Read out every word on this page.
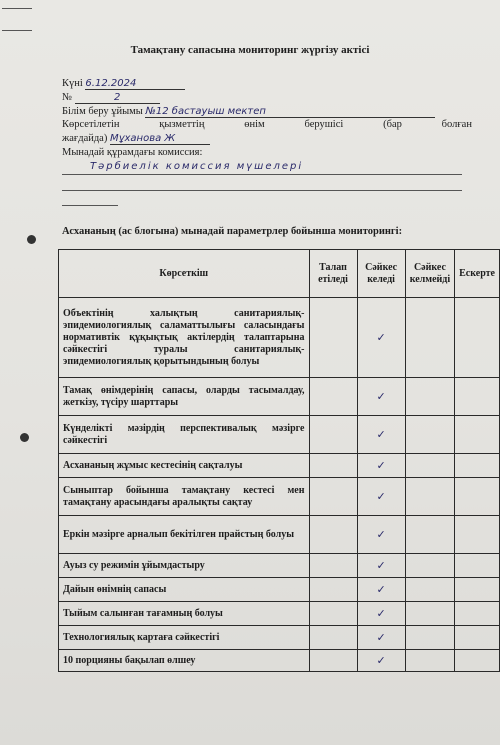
Тамақтану сапасына мониторинг жүргізу актісі
Күні 6.12.2024
№	2
Білім беру ұйымы №12 бастауыш мектеп
Көрсетілетін	қызметтің	өнім	берушісі	(бар	болған
жағдайда) Мұханова Ж
Мынадай құрамдағы комиссия:
Тәрбиелік комиссия мүшелері
Асхананың (ас блогына) мынадай параметрлер бойынша мониторингі:
Көрсеткіш	Талап етіледі	Сәйкес келеді	Сәйкес келмейді	Ескерте
Объектінің халықтың санитариялық-эпидемиологиялық саламаттылығы саласындағы нормативтік құқықтық актілердің талаптарына сәйкестігі туралы санитариялық-эпидемиологиялық қорытындының болуы		✓		
Тамақ өнімдерінің сапасы, оларды тасымалдау, жеткізу, түсіру шарттары		✓		
Күнделікті мәзірдің перспективалық мәзірге сәйкестігі		✓		
Асхананың жұмыс кестесінің сақталуы		✓		
Сыныптар бойынша тамақтану кестесі мен тамақтану арасындағы аралықты сақтау		✓		
Еркін мәзірге арналып бекітілген прайстың болуы		✓		
Ауыз су режимін ұйымдастыру		✓		
Дайын өнімнің сапасы		✓		
Тыйым салынған тағамның болуы		✓		
Технологиялық картаға сәйкестігі		✓		
10 порцияны бақылап өлшеу		✓		
